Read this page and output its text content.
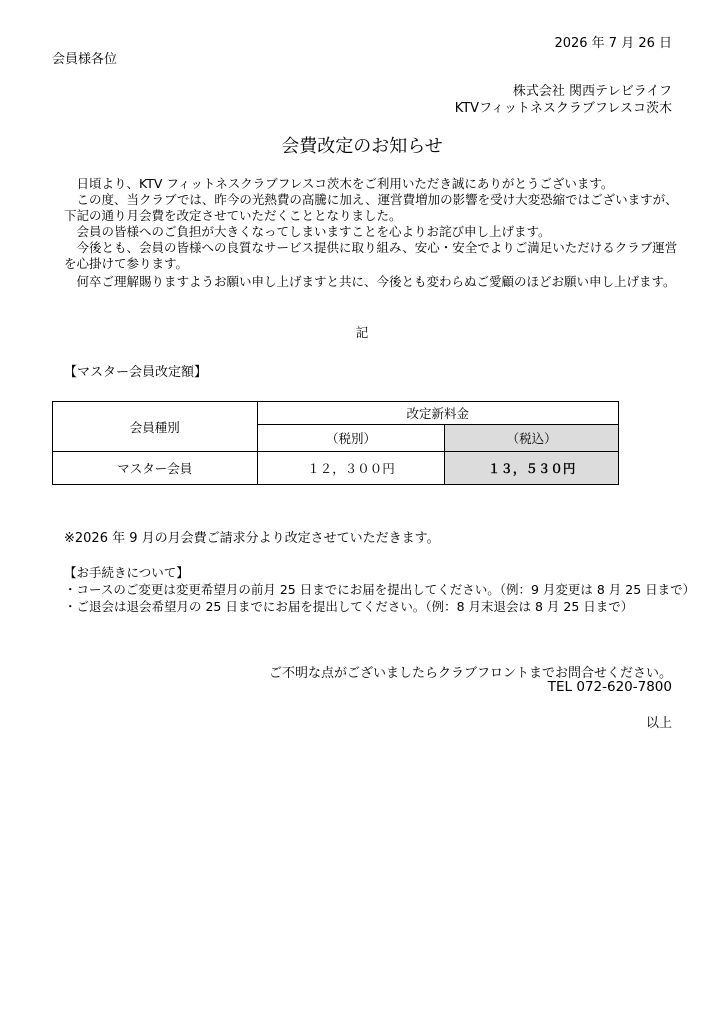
2026 年 7 月 26 日
会員様各位
株式会社 関西テレビライフ
KTVフィットネスクラブフレスコ茨木
会費改定のお知らせ
　日頃より、KTV フィットネスクラブフレスコ茨木をご利用いただき誠にありがとうございます。
　この度、当クラブでは、昨今の光熱費の高騰に加え、運営費増加の影響を受け大変恐縮ではございますが、
下記の通り月会費を改定させていただくこととなりました。
　会員の皆様へのご負担が大きくなってしまいますことを心よりお詫び申し上げます。
　今後とも、会員の皆様への良質なサービス提供に取り組み、安心・安全でよりご満足いただけるクラブ運営
を心掛けて参ります。
　何卒ご理解賜りますようお願い申し上げますと共に、今後とも変わらぬご愛顧のほどお願い申し上げます。
記
【マスター会員改定額】
会員種別	改定新料金	
	（税別）	（税込）
マスター会員	１２，３００円	１３，５３０円
※2026 年 9 月の月会費ご請求分より改定させていただきます。
【お手続きについて】
・コースのご変更は変更希望月の前月 25 日までにお届を提出してください。（例：9 月変更は 8 月 25 日まで）
・ご退会は退会希望月の 25 日までにお届を提出してください。（例：8 月末退会は 8 月 25 日まで）
ご不明な点がございましたらクラブフロントまでお問合せください。
TEL 072-620-7800
以上
